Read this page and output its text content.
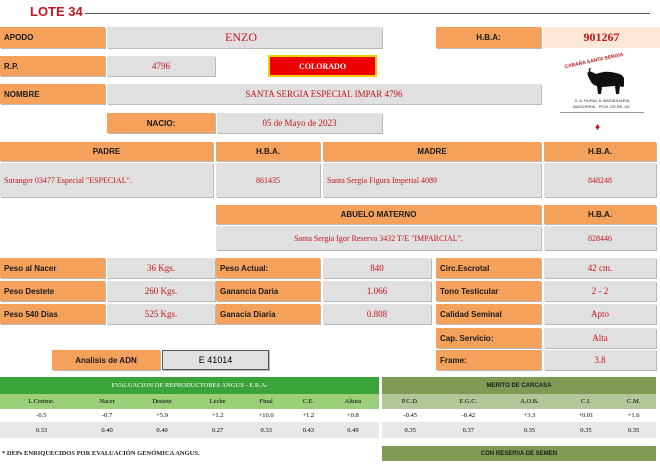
LOTE 34
APODO	ENZO	H.B.A:	901267
R.P.	4796	COLORADO
NOMBRE	SANTA SERGIA ESPECIAL IMPAR 4796
NACIO:	05 de Mayo de 2023
CABAÑA SANTA SERGIA
S. A. RURAL & INMOBILIARIA
BAIGORRIA - PCIA. DE BS. AS.
♦
PADRE	H.B.A.	MADRE	H.B.A.
Suranger 03477 Especial "ESPECIAL".	861435	Santa Sergia Figura Imperial 4089	848248
ABUELO MATERNO	H.B.A.
Santa Sergia Igor Reserva 3432 T/E "IMPARCIAL".	828446
Peso al Nacer	36 Kgs.
Peso Destete	260 Kgs.
Peso 540 Dias	525 Kgs.
Peso Actual:	840
Ganancia Daria	1.066
Ganacia Diaria	0.808
Circ.Escrotal	42 cm.
Tono Testicular	2 - 2
Calidad Seminal	Apto
Cap. Servicio:	Alta
Frame:	3.8
Analisis de ADN	E 41014
EVALUACION DE REPRODUCTORES ANGUS - E.R.A-
L.Cretme.	Nacer	Destete	Leche	Final	C.E.	Altura
-0.5	-0.7	+5.9	+1.2	+10.0	+1.2	+0.8
0.33	0.40	0.40	0.27	0.33	0.43	0.49
MERITO DE CARCASA
P.C.D.	E.G.C.	A.O.B.	C.I.	C.M.
-0.45	-0.42	+3.3	+0.01	+1.6
0.35	0.37	0.35	0.35	0.35
* DEPs ENRIQUECIDOS POR EVALUACIÓN GENÓMICA ANGUS.	CON RESERVA DE SEMEN
